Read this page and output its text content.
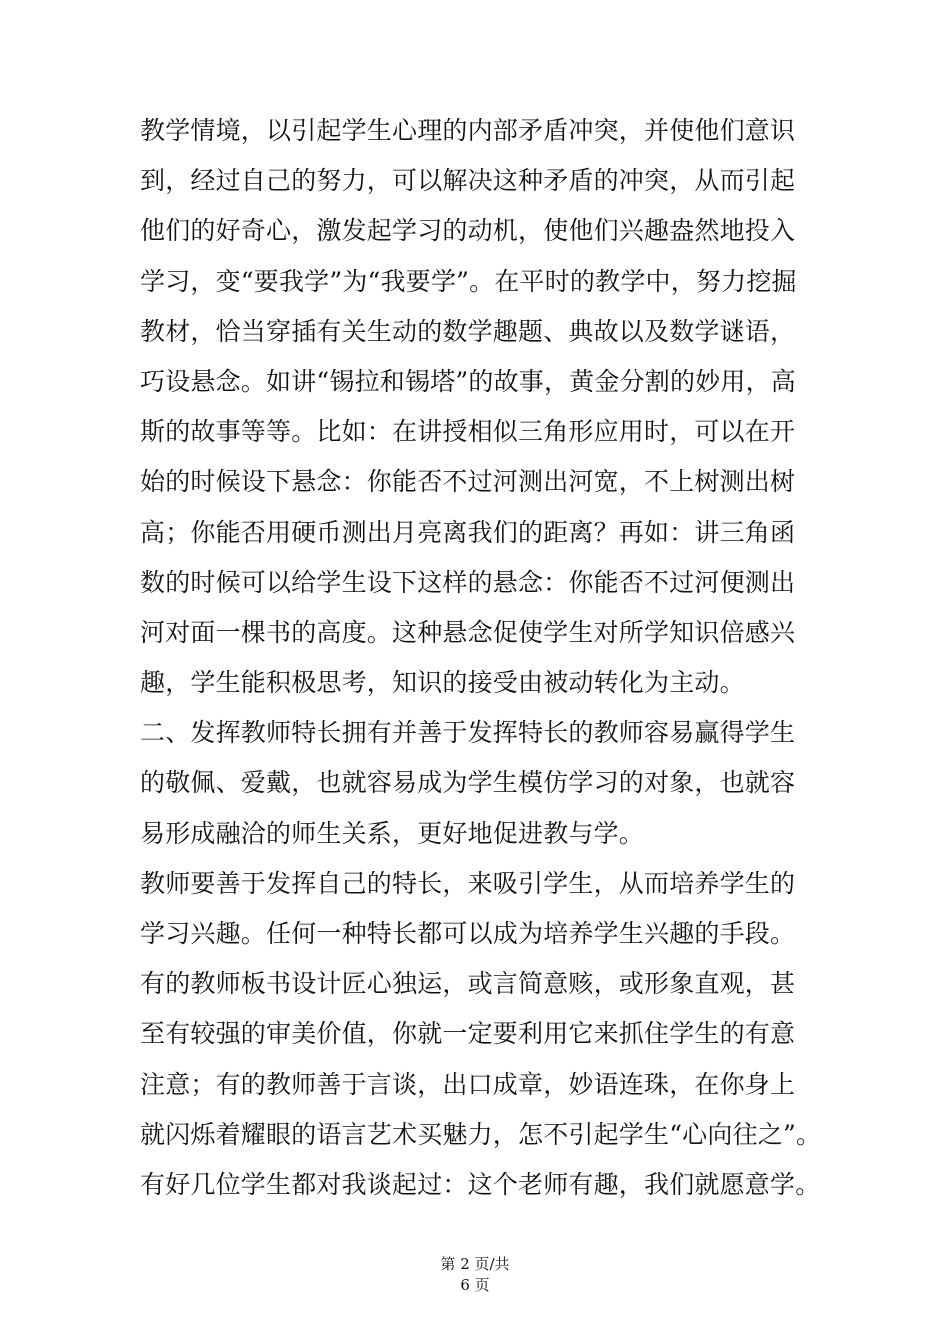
教学情境，以引起学生心理的内部矛盾冲突，并使他们意识
到，经过自己的努力，可以解决这种矛盾的冲突，从而引起
他们的好奇心，激发起学习的动机，使他们兴趣盎然地投入
学习，变“要我学”为“我要学”。在平时的教学中，努力挖掘
教材，恰当穿插有关生动的数学趣题、典故以及数学谜语，
巧设悬念。如讲“锡拉和锡塔”的故事，黄金分割的妙用，高
斯的故事等等。比如：在讲授相似三角形应用时，可以在开
始的时候设下悬念：你能否不过河测出河宽，不上树测出树
高；你能否用硬币测出月亮离我们的距离？再如：讲三角函
数的时候可以给学生设下这样的悬念：你能否不过河便测出
河对面一棵书的高度。这种悬念促使学生对所学知识倍感兴
趣，学生能积极思考，知识的接受由被动转化为主动。
二、发挥教师特长拥有并善于发挥特长的教师容易赢得学生
的敬佩、爱戴，也就容易成为学生模仿学习的对象，也就容
易形成融洽的师生关系，更好地促进教与学。
教师要善于发挥自己的特长，来吸引学生，从而培养学生的
学习兴趣。任何一种特长都可以成为培养学生兴趣的手段。
有的教师板书设计匠心独运，或言简意赅，或形象直观，甚
至有较强的审美价值，你就一定要利用它来抓住学生的有意
注意；有的教师善于言谈，出口成章，妙语连珠，在你身上
就闪烁着耀眼的语言艺术买魅力，怎不引起学生“心向往之”。
有好几位学生都对我谈起过：这个老师有趣，我们就愿意学。
第 2 页/共
6 页
